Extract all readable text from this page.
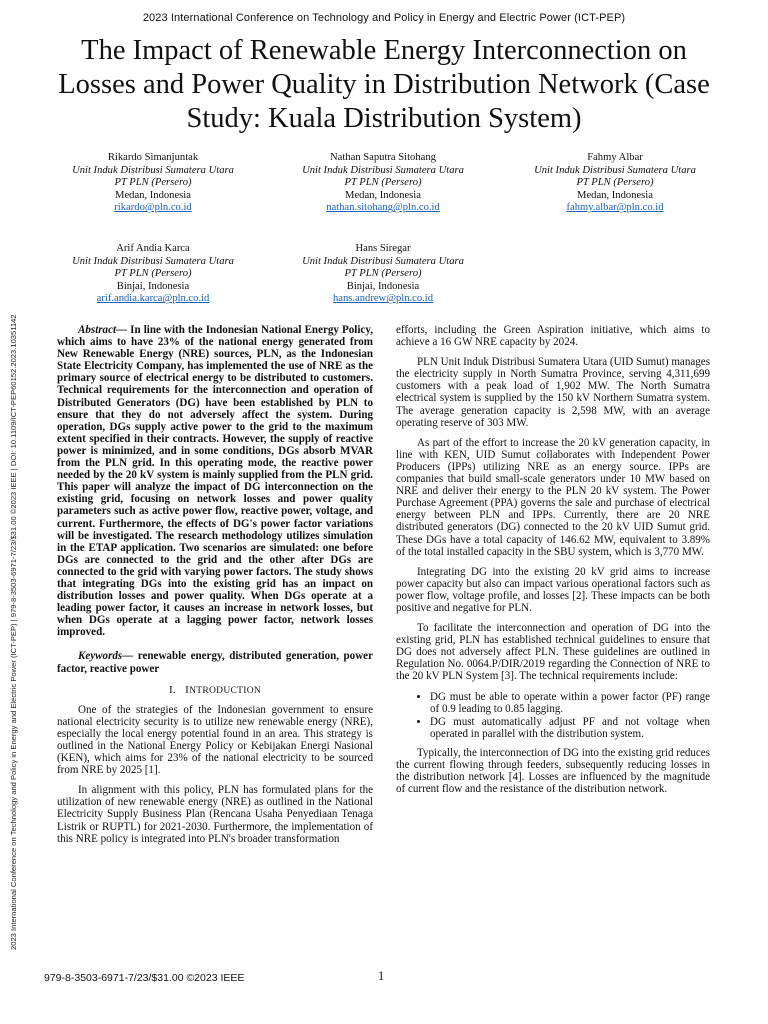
2023 International Conference on Technology and Policy in Energy and Electric Power (ICT-PEP)
The Impact of Renewable Energy Interconnection on Losses and Power Quality in Distribution Network (Case Study: Kuala Distribution System)
Rikardo Simanjuntak
Unit Induk Distribusi Sumatera Utara
PT PLN (Persero)
Medan, Indonesia
rikardo@pln.co.id
Nathan Saputra Sitohang
Unit Induk Distribusi Sumatera Utara
PT PLN (Persero)
Medan, Indonesia
nathan.sitohang@pln.co.id
Fahmy Albar
Unit Induk Distribusi Sumatera Utara
PT PLN (Persero)
Medan, Indonesia
fahmy.albar@pln.co.id
Arif Andia Karca
Unit Induk Distribusi Sumatera Utara
PT PLN (Persero)
Binjai, Indonesia
arif.andia.karca@pln.co.id
Hans Siregar
Unit Induk Distribusi Sumatera Utara
PT PLN (Persero)
Binjai, Indonesia
hans.andrew@pln.co.id
2023 International Conference on Technology and Policy in Energy and Electric Power (ICT-PEP) | 979-8-3503-6971-7/23/$31.00 ©2023 IEEE | DOI: 10.1109/ICT-PEP60152.2023.10351142	Abstract— In line with the Indonesian National Energy Policy, which aims to have 23% of the national energy generated from New Renewable Energy (NRE) sources, PLN, as the Indonesian State Electricity Company, has implemented the use of NRE as the primary source of electrical energy to be distributed to customers. Technical requirements for the interconnection and operation of Distributed Generators (DG) have been established by PLN to ensure that they do not adversely affect the system. During operation, DGs supply active power to the grid to the maximum extent specified in their contracts. However, the supply of reactive power is minimized, and in some conditions, DGs absorb MVAR from the PLN grid. In this operating mode, the reactive power needed by the 20 kV system is mainly supplied from the PLN grid. This paper will analyze the impact of DG interconnection on the existing grid, focusing on network losses and power quality parameters such as active power flow, reactive power, voltage, and current. Furthermore, the effects of DG's power factor variations will be investigated. The research methodology utilizes simulation in the ETAP application. Two scenarios are simulated: one before DGs are connected to the grid and the other after DGs are connected to the grid with varying power factors. The study shows that integrating DGs into the existing grid has an impact on distribution losses and power quality. When DGs operate at a leading power factor, it causes an increase in network losses, but when DGs operate at a lagging power factor, network losses improved.

Keywords— renewable energy, distributed generation, power factor, reactive power

I. INTRODUCTION

One of the strategies of the Indonesian government to ensure national electricity security is to utilize new renewable energy (NRE), especially the local energy potential found in an area. This strategy is outlined in the National Energy Policy or Kebijakan Energi Nasional (KEN), which aims for 23% of the national electricity to be sourced from NRE by 2025 [1].

In alignment with this policy, PLN has formulated plans for the utilization of new renewable energy (NRE) as outlined in the National Electricity Supply Business Plan (Rencana Usaha Penyediaan Tenaga Listrik or RUPTL) for 2021-2030. Furthermore, the implementation of this NRE policy is integrated into PLN's broader transformation

efforts, including the Green Aspiration initiative, which aims to achieve a 16 GW NRE capacity by 2024.

PLN Unit Induk Distribusi Sumatera Utara (UID Sumut) manages the electricity supply in North Sumatra Province, serving 4,311,699 customers with a peak load of 1,902 MW. The North Sumatra electrical system is supplied by the 150 kV Northern Sumatra system. The average generation capacity is 2,598 MW, with an average operating reserve of 303 MW.

As part of the effort to increase the 20 kV generation capacity, in line with KEN, UID Sumut collaborates with Independent Power Producers (IPPs) utilizing NRE as an energy source. IPPs are companies that build small-scale generators under 10 MW based on NRE and deliver their energy to the PLN 20 kV system. The Power Purchase Agreement (PPA) governs the sale and purchase of electrical energy between PLN and IPPs. Currently, there are 20 NRE distributed generators (DG) connected to the 20 kV UID Sumut grid. These DGs have a total capacity of 146.62 MW, equivalent to 3.89% of the total installed capacity in the SBU system, which is 3,770 MW.

Integrating DG into the existing 20 kV grid aims to increase power capacity but also can impact various operational factors such as power flow, voltage profile, and losses [2]. These impacts can be both positive and negative for PLN.

To facilitate the interconnection and operation of DG into the existing grid, PLN has established technical guidelines to ensure that DG does not adversely affect PLN. These guidelines are outlined in Regulation No. 0064.P/DIR/2019 regarding the Connection of NRE to the 20 kV PLN System [3]. The technical requirements include:

• DG must be able to operate within a power factor (PF) range of 0.9 leading to 0.85 lagging.
• DG must automatically adjust PF and not voltage when operated in parallel with the distribution system.

Typically, the interconnection of DG into the existing grid reduces the current flowing through feeders, subsequently reducing losses in the distribution network [4]. Losses are influenced by the magnitude of current flow and the resistance of the distribution network.

979-8-3503-6971-7/23/$31.00 ©2023 IEEE	1
